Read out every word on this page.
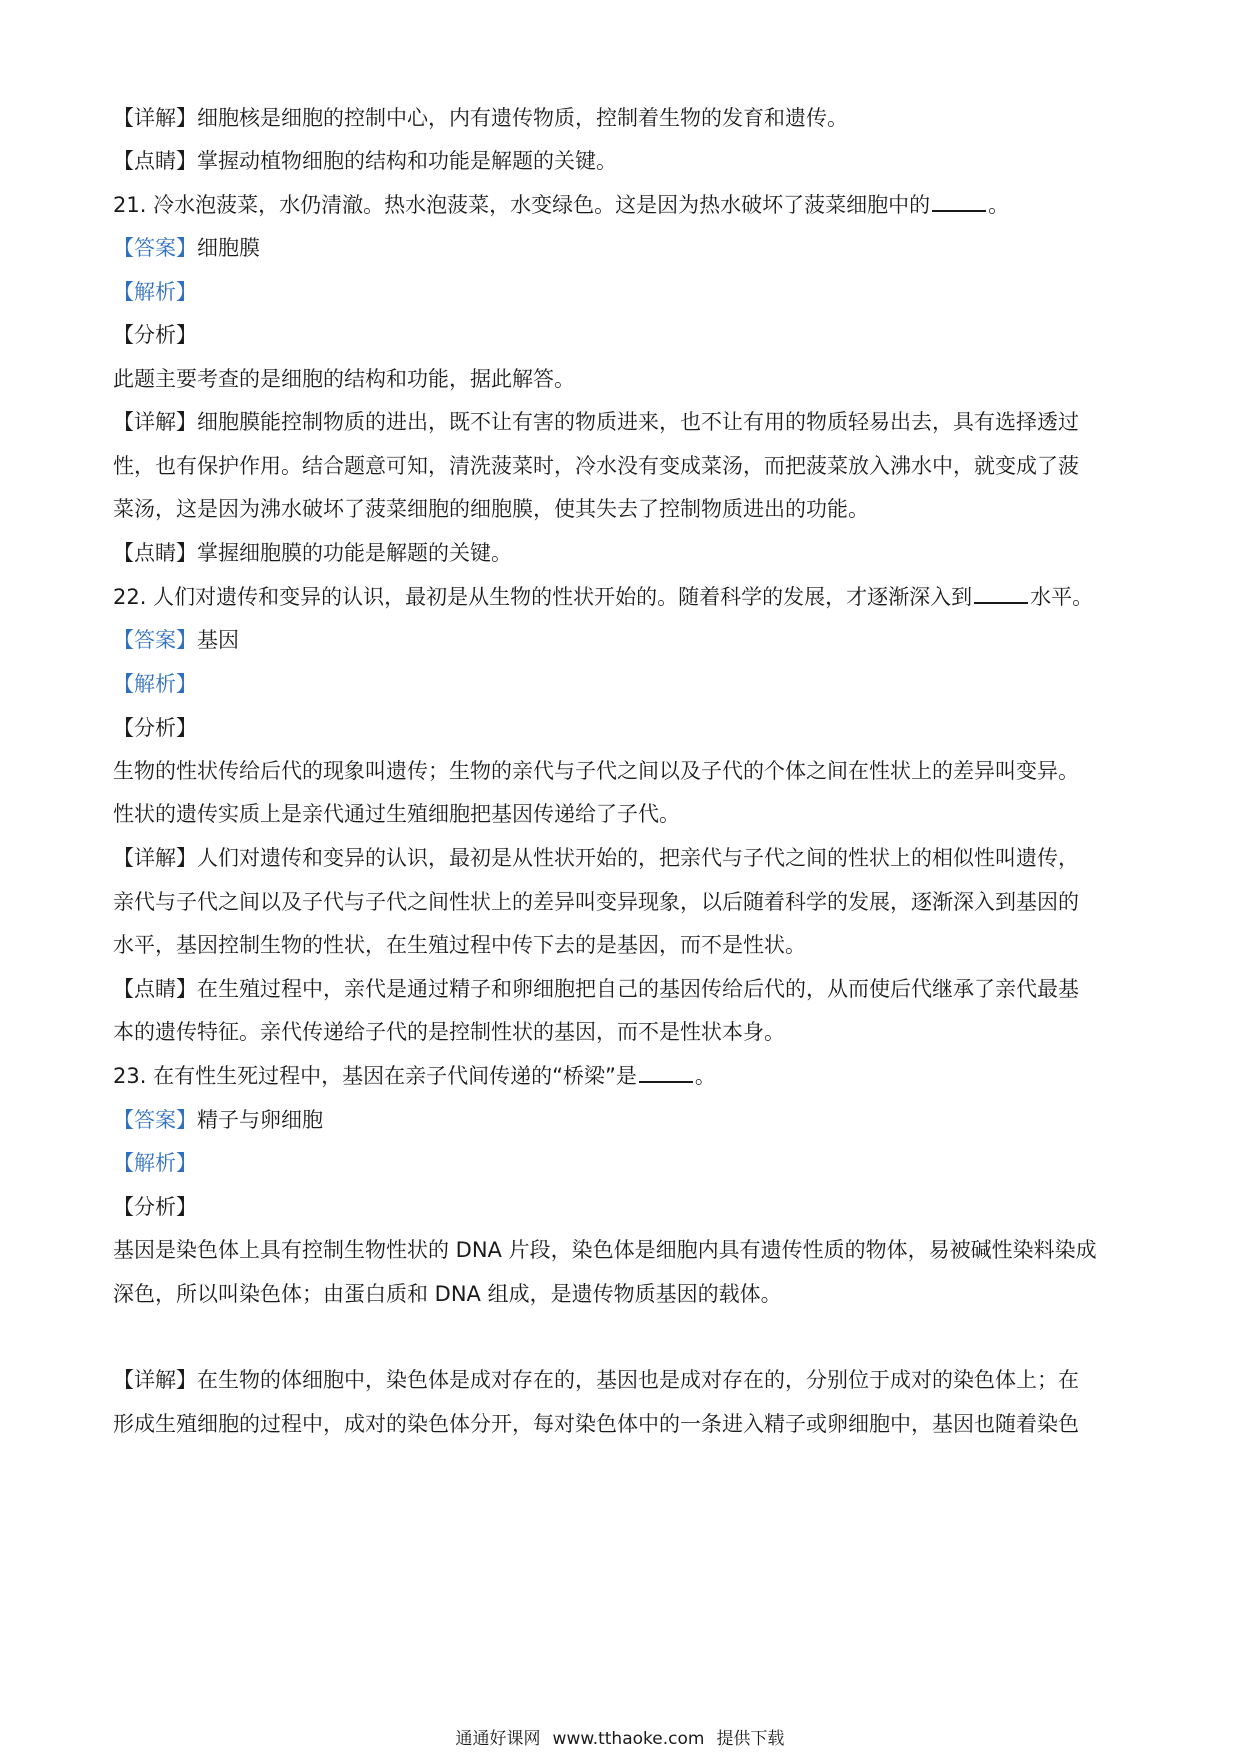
【详解】细胞核是细胞的控制中心，内有遗传物质，控制着生物的发育和遗传。
【点睛】掌握动植物细胞的结构和功能是解题的关键。
21. 冷水泡菠菜，水仍清澈。热水泡菠菜，水变绿色。这是因为热水破坏了菠菜细胞中的	。
【答案】细胞膜
【解析】
【分析】
此题主要考查的是细胞的结构和功能，据此解答。
【详解】细胞膜能控制物质的进出，既不让有害的物质进来，也不让有用的物质轻易出去，具有选择透过
性，也有保护作用。结合题意可知，清洗菠菜时，冷水没有变成菜汤，而把菠菜放入沸水中，就变成了菠
菜汤，这是因为沸水破坏了菠菜细胞的细胞膜，使其失去了控制物质进出的功能。
【点睛】掌握细胞膜的功能是解题的关键。
22. 人们对遗传和变异的认识，最初是从生物的性状开始的。随着科学的发展，才逐渐深入到	水平。
【答案】基因
【解析】
【分析】
生物的性状传给后代的现象叫遗传；生物的亲代与子代之间以及子代的个体之间在性状上的差异叫变异。
性状的遗传实质上是亲代通过生殖细胞把基因传递给了子代。
【详解】人们对遗传和变异的认识，最初是从性状开始的，把亲代与子代之间的性状上的相似性叫遗传，
亲代与子代之间以及子代与子代之间性状上的差异叫变异现象，以后随着科学的发展，逐渐深入到基因的
水平，基因控制生物的性状，在生殖过程中传下去的是基因，而不是性状。
【点睛】在生殖过程中，亲代是通过精子和卵细胞把自己的基因传给后代的，从而使后代继承了亲代最基
本的遗传特征。亲代传递给子代的是控制性状的基因，而不是性状本身。
23. 在有性生死过程中，基因在亲子代间传递的“桥梁”是	。
【答案】精子与卵细胞
【解析】
【分析】
基因是染色体上具有控制生物性状的 DNA 片段，染色体是细胞内具有遗传性质的物体，易被碱性染料染成
深色，所以叫染色体；由蛋白质和 DNA 组成，是遗传物质基因的载体。
【详解】在生物的体细胞中，染色体是成对存在的，基因也是成对存在的，分别位于成对的染色体上；在
形成生殖细胞的过程中，成对的染色体分开，每对染色体中的一条进入精子或卵细胞中，基因也随着染色
通通好课网 www.tthaoke.com 提供下载
